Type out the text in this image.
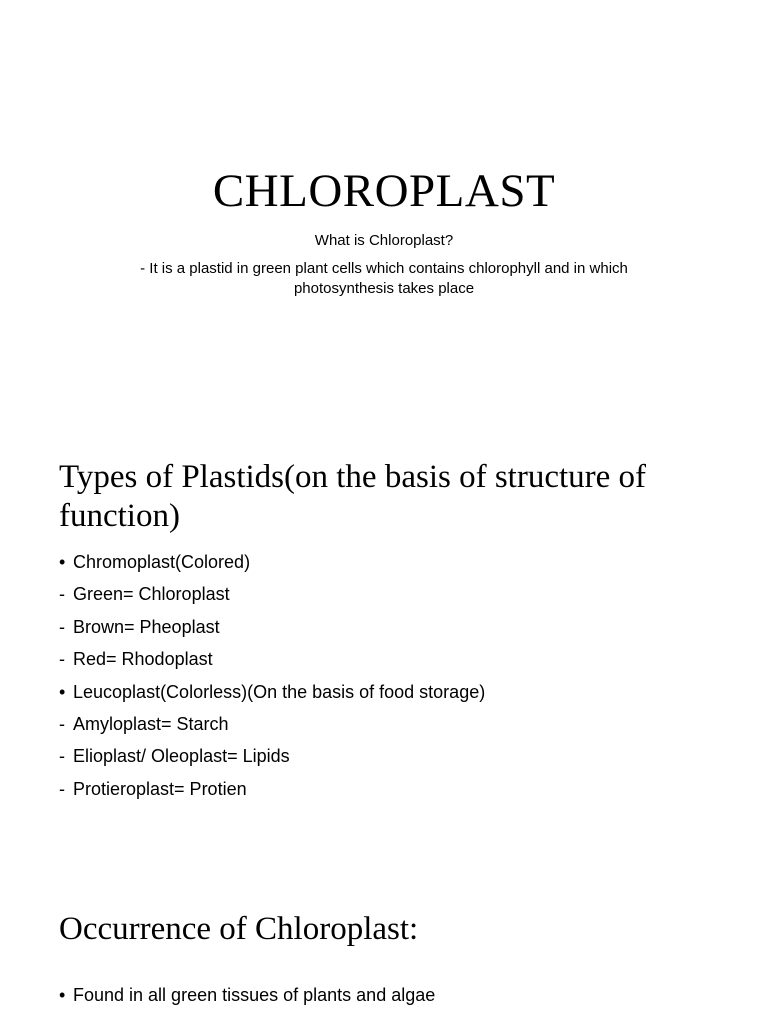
CHLOROPLAST
What is Chloroplast?
- It is a plastid in green plant cells which contains chlorophyll and in which photosynthesis takes place
Types of Plastids(on the basis of structure of function)
• Chromoplast(Colored)
- Green= Chloroplast
- Brown= Pheoplast
- Red= Rhodoplast
• Leucoplast(Colorless)(On the basis of food storage)
- Amyloplast= Starch
- Elioplast/ Oleoplast= Lipids
- Protieroplast= Protien
Occurrence of Chloroplast:
• Found in all green tissues of plants and algae
